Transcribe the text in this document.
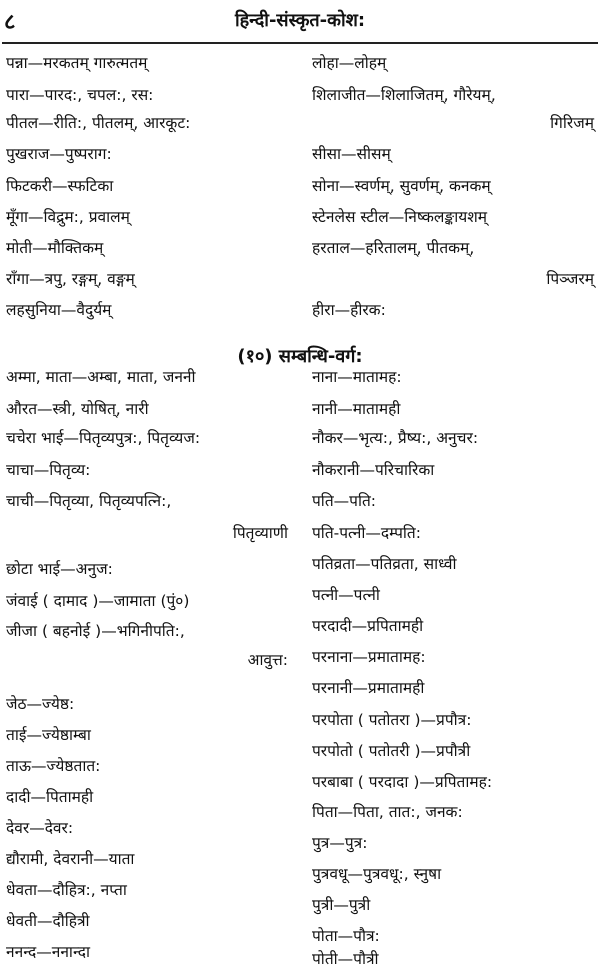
८	हिन्दी-संस्कृत-कोश:
पन्ना—मरकतम् गारुत्मतम्
पारा—पारद:, चपल:, रस:
पीतल—रीति:, पीतलम्, आरकूट:
पुखराज—पुष्पराग:
फिटकरी—स्फटिका
मूँगा—विद्रुम:, प्रवालम्
मोती—मौक्तिकम्
राँगा—त्रपु, रङ्गम्, वङ्गम्
लहसुनिया—वैदुर्यम्
लोहा—लोहम्
शिलाजीत—शिलाजितम्, गौरेयम्,
गिरिजम्
सीसा—सीसम्
सोना—स्वर्णम्, सुवर्णम्, कनकम्
स्टेनलेस स्टील—निष्कलङ्कायशम्
हरताल—हरितालम्, पीतकम्,
पिञ्जरम्
हीरा—हीरक:
(१०) सम्बन्धि-वर्ग:
अम्मा, माता—अम्बा, माता, जननी
औरत—स्त्री, योषित्, नारी
चचेरा भाई—पितृव्यपुत्र:, पितृव्यज:
चाचा—पितृव्य:
चाची—पितृव्या, पितृव्यपत्नि:,
पितृव्याणी
छोटा भाई—अनुज:
जंवाई ( दामाद )—जामाता (पुं०)
जीजा ( बहनोई )—भगिनीपति:,
आवुत्त:
जेठ—ज्येष्ठ:
ताई—ज्येष्ठाम्बा
ताऊ—ज्येष्ठतात:
दादी—पितामही
देवर—देवर:
द्यौरामी, देवरानी—याता
धेवता—दौहित्र:, नप्ता
धेवती—दौहित्री
ननन्द—ननान्दा
नाना—मातामह:
नानी—मातामही
नौकर—भृत्य:, प्रैष्य:, अनुचर:
नौकरानी—परिचारिका
पति—पति:
पति-पत्नी—दम्पति:
पतिव्रता—पतिव्रता, साध्वी
पत्नी—पत्नी
परदादी—प्रपितामही
परनाना—प्रमातामह:
परनानी—प्रमातामही
परपोता ( पतोतरा )—प्रपौत्र:
परपोतो ( पतोतरी )—प्रपौत्री
परबाबा ( परदादा )—प्रपितामह:
पिता—पिता, तात:, जनक:
पुत्र—पुत्र:
पुत्रवधू—पुत्रवधू:, स्नुषा
पुत्री—पुत्री
पोता—पौत्र:
पोती—पौत्री
